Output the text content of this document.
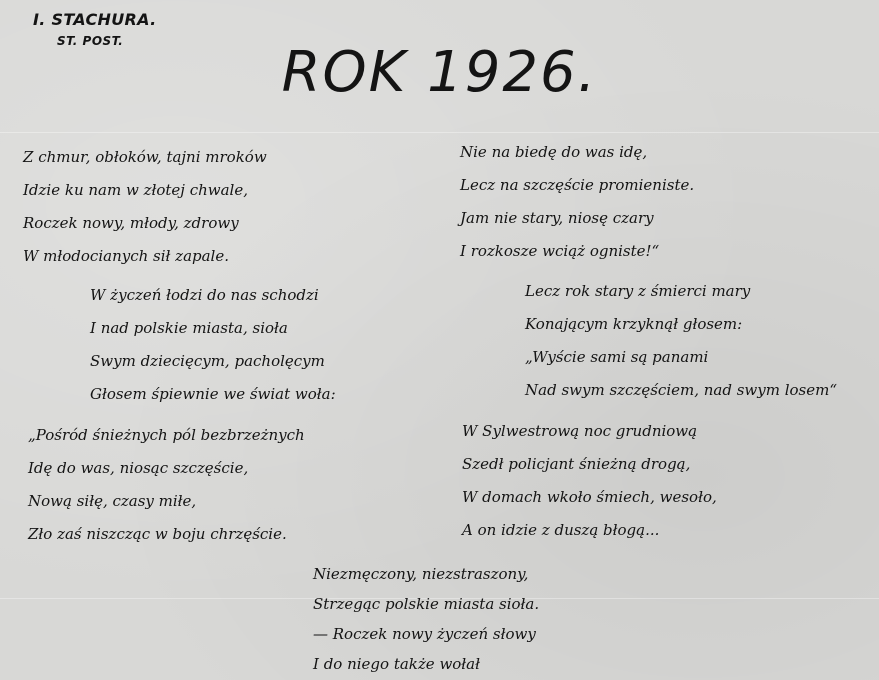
I. STACHURA.
ST. POST.	ROK 1926.
Z chmur, obłoków, tajni mroków
Idzie ku nam w złotej chwale,
Roczek nowy, młody, zdrowy
W młodocianych sił zapale.
W życzeń łodzi do nas schodzi
I nad polskie miasta, sioła
Swym dziecięcym, pacholęcym
Głosem śpiewnie we świat woła:
„Pośród śnieżnych pól bezbrzeżnych
Idę do was, niosąc szczęście,
Nową siłę, czasy miłe,
Zło zaś niszcząc w boju chrzęście.
Nie na biedę do was idę,
Lecz na szczęście promieniste.
Jam nie stary, niosę czary
I rozkosze wciąż ogniste!“
Lecz rok stary z śmierci mary
Konającym krzyknął głosem:
„Wyście sami są panami
Nad swym szczęściem, nad swym losem“
W Sylwestrową noc grudniową
Szedł policjant śnieżną drogą,
W domach wkoło śmiech, wesoło,
A on idzie z duszą błogą...
Niezmęczony, niezstraszony,
Strzegąc polskie miasta sioła.
— Roczek nowy życzeń słowy
I do niego także wołał
